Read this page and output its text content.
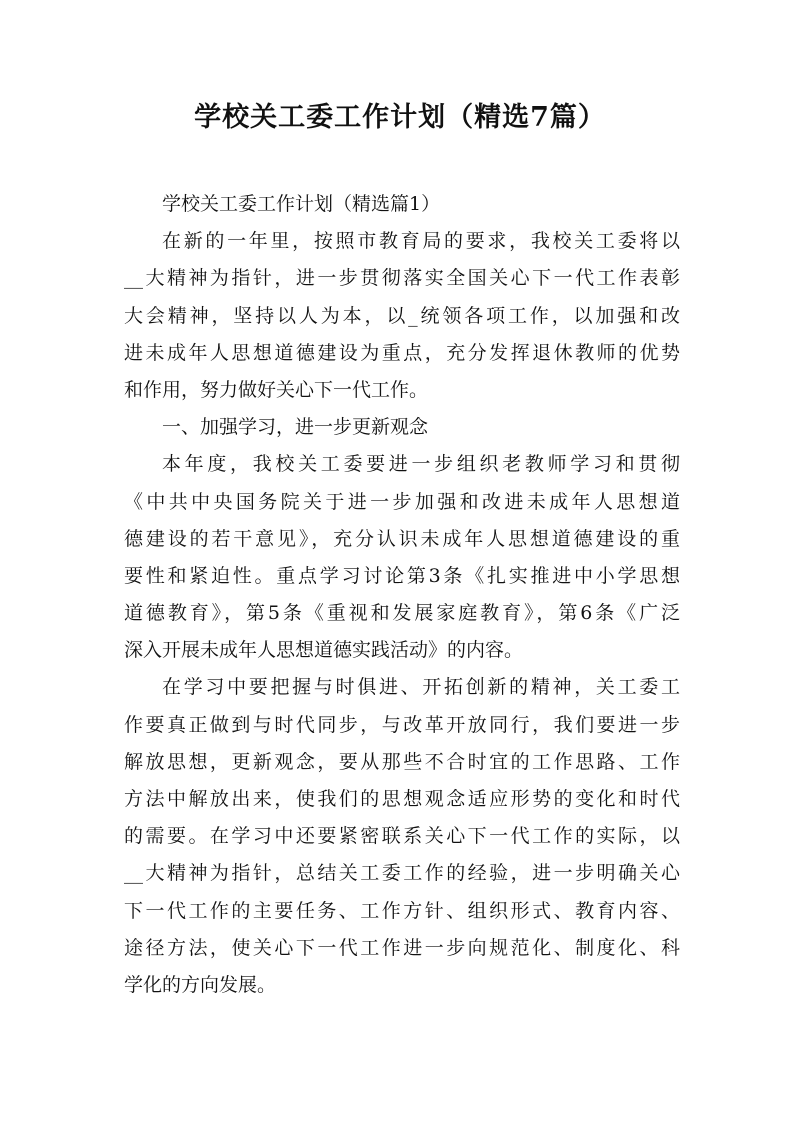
学校关工委工作计划（精选7篇）
学校关工委工作计划（精选篇1）
在新的一年里，按照市教育局的要求，我校关工委将以
__大精神为指针，进一步贯彻落实全国关心下一代工作表彰
大会精神，坚持以人为本，以_统领各项工作，以加强和改
进未成年人思想道德建设为重点，充分发挥退休教师的优势
和作用，努力做好关心下一代工作。
一、加强学习，进一步更新观念
本年度，我校关工委要进一步组织老教师学习和贯彻
《中共中央国务院关于进一步加强和改进未成年人思想道
德建设的若干意见》，充分认识未成年人思想道德建设的重
要性和紧迫性。重点学习讨论第3条《扎实推进中小学思想
道德教育》，第5条《重视和发展家庭教育》，第6条《广泛
深入开展未成年人思想道德实践活动》的内容。
在学习中要把握与时俱进、开拓创新的精神，关工委工
作要真正做到与时代同步，与改革开放同行，我们要进一步
解放思想，更新观念，要从那些不合时宜的工作思路、工作
方法中解放出来，使我们的思想观念适应形势的变化和时代
的需要。在学习中还要紧密联系关心下一代工作的实际，以
__大精神为指针，总结关工委工作的经验，进一步明确关心
下一代工作的主要任务、工作方针、组织形式、教育内容、
途径方法，使关心下一代工作进一步向规范化、制度化、科
学化的方向发展。
